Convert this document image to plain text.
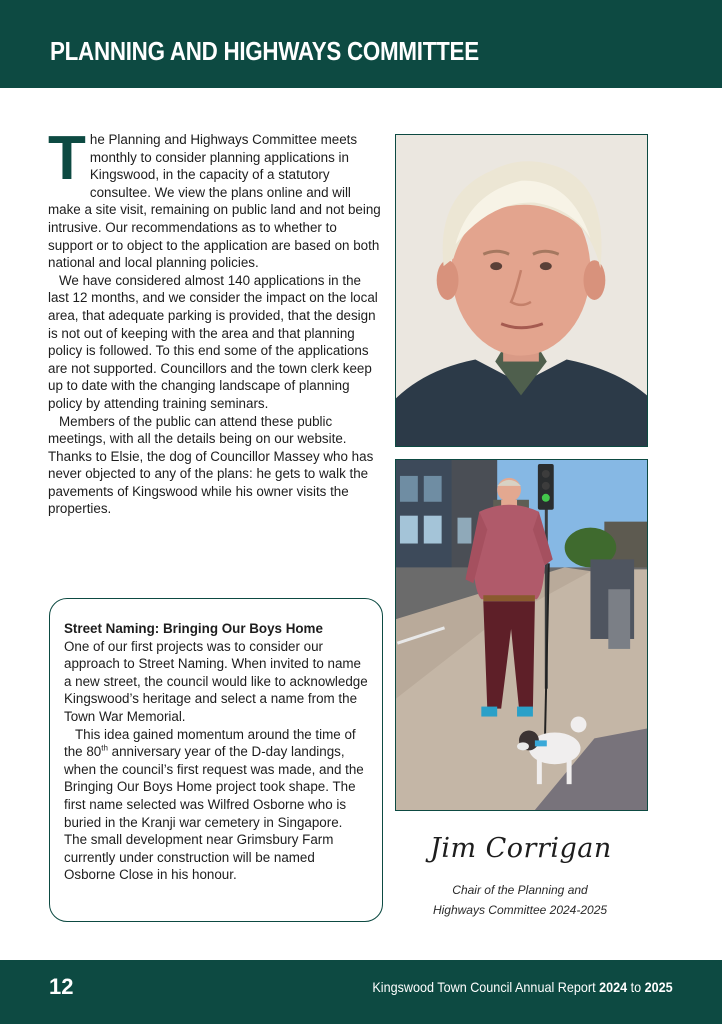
PLANNING AND HIGHWAYS COMMITTEE
T he Planning and Highways Committee meets monthly to consider planning applications in Kingswood, in the capacity of a statutory consultee. We view the plans online and will make a site visit, remaining on public land and not being intrusive. Our recommendations as to whether to support or to object to the application are based on both national and local planning policies.

We have considered almost 140 applications in the last 12 months, and we consider the impact on the local area, that adequate parking is provided, that the design is not out of keeping with the area and that planning policy is followed. To this end some of the applications are not supported. Councillors and the town clerk keep up to date with the changing landscape of planning policy by attending training seminars.

Members of the public can attend these public meetings, with all the details being on our website. Thanks to Elsie, the dog of Councillor Massey who has never objected to any of the plans: he gets to walk the pavements of Kingswood while his owner visits the properties.

Street Naming: Bringing Our Boys Home

One of our first projects was to consider our approach to Street Naming. When invited to name a new street, the council would like to acknowledge Kingswood’s heritage and select a name from the Town War Memorial.

This idea gained momentum around the time of the 80th anniversary year of the D-day landings, when the council’s first request was made, and the Bringing Our Boys Home project took shape. The first name selected was Wilfred Osborne who is buried in the Kranji war cemetery in Singapore. The small development near Grimsbury Farm currently under construction will be named Osborne Close in his honour.

Jim Corrigan
Chair of the Planning and
Highways Committee 2024-2025
12	Kingswood Town Council Annual Report 2024 to 2025
